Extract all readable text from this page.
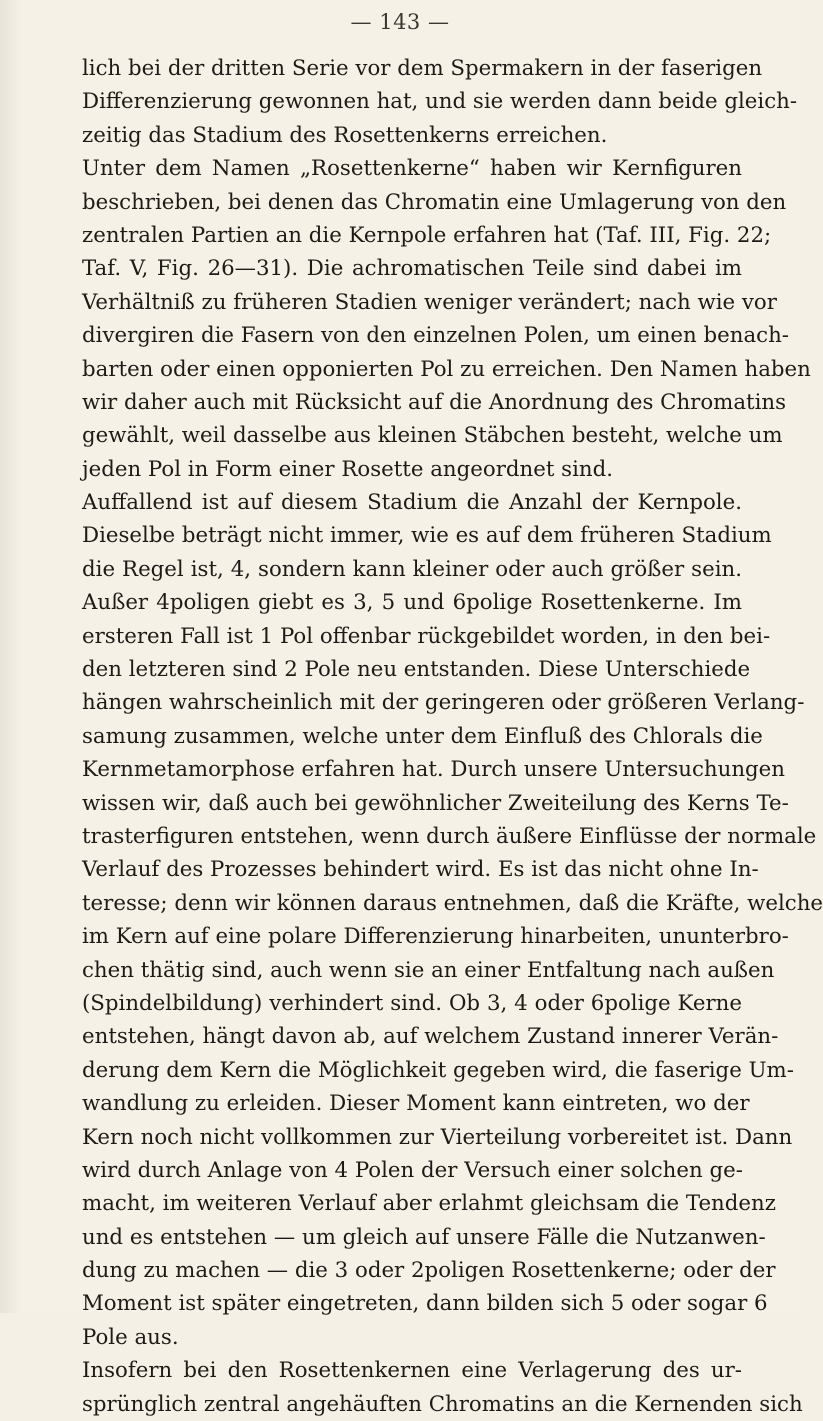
— 143 —
lich bei der dritten Serie vor dem Spermakern in der faserigen
Differenzierung gewonnen hat, und sie werden dann beide gleich-
zeitig das Stadium des Rosettenkerns erreichen.
Unter dem Namen „Rosettenkerne“ haben wir Kernfiguren
beschrieben, bei denen das Chromatin eine Umlagerung von den
zentralen Partien an die Kernpole erfahren hat (Taf. III, Fig. 22;
Taf. V, Fig. 26—31). Die achromatischen Teile sind dabei im
Verhältniß zu früheren Stadien weniger verändert; nach wie vor
divergiren die Fasern von den einzelnen Polen, um einen benach-
barten oder einen opponierten Pol zu erreichen. Den Namen haben
wir daher auch mit Rücksicht auf die Anordnung des Chromatins
gewählt, weil dasselbe aus kleinen Stäbchen besteht, welche um
jeden Pol in Form einer Rosette angeordnet sind.
Auffallend ist auf diesem Stadium die Anzahl der Kernpole.
Dieselbe beträgt nicht immer, wie es auf dem früheren Stadium
die Regel ist, 4, sondern kann kleiner oder auch größer sein.
Außer 4poligen giebt es 3, 5 und 6polige Rosettenkerne. Im
ersteren Fall ist 1 Pol offenbar rückgebildet worden, in den bei-
den letzteren sind 2 Pole neu entstanden. Diese Unterschiede
hängen wahrscheinlich mit der geringeren oder größeren Verlang-
samung zusammen, welche unter dem Einfluß des Chlorals die
Kernmetamorphose erfahren hat. Durch unsere Untersuchungen
wissen wir, daß auch bei gewöhnlicher Zweiteilung des Kerns Te-
trasterfiguren entstehen, wenn durch äußere Einflüsse der normale
Verlauf des Prozesses behindert wird. Es ist das nicht ohne In-
teresse; denn wir können daraus entnehmen, daß die Kräfte, welche
im Kern auf eine polare Differenzierung hinarbeiten, ununterbro-
chen thätig sind, auch wenn sie an einer Entfaltung nach außen
(Spindelbildung) verhindert sind. Ob 3, 4 oder 6polige Kerne
entstehen, hängt davon ab, auf welchem Zustand innerer Verän-
derung dem Kern die Möglichkeit gegeben wird, die faserige Um-
wandlung zu erleiden. Dieser Moment kann eintreten, wo der
Kern noch nicht vollkommen zur Vierteilung vorbereitet ist. Dann
wird durch Anlage von 4 Polen der Versuch einer solchen ge-
macht, im weiteren Verlauf aber erlahmt gleichsam die Tendenz
und es entstehen — um gleich auf unsere Fälle die Nutzanwen-
dung zu machen — die 3 oder 2poligen Rosettenkerne; oder der
Moment ist später eingetreten, dann bilden sich 5 oder sogar 6
Pole aus.
Insofern bei den Rosettenkernen eine Verlagerung des ur-
sprünglich zentral angehäuften Chromatins an die Kernenden sich
